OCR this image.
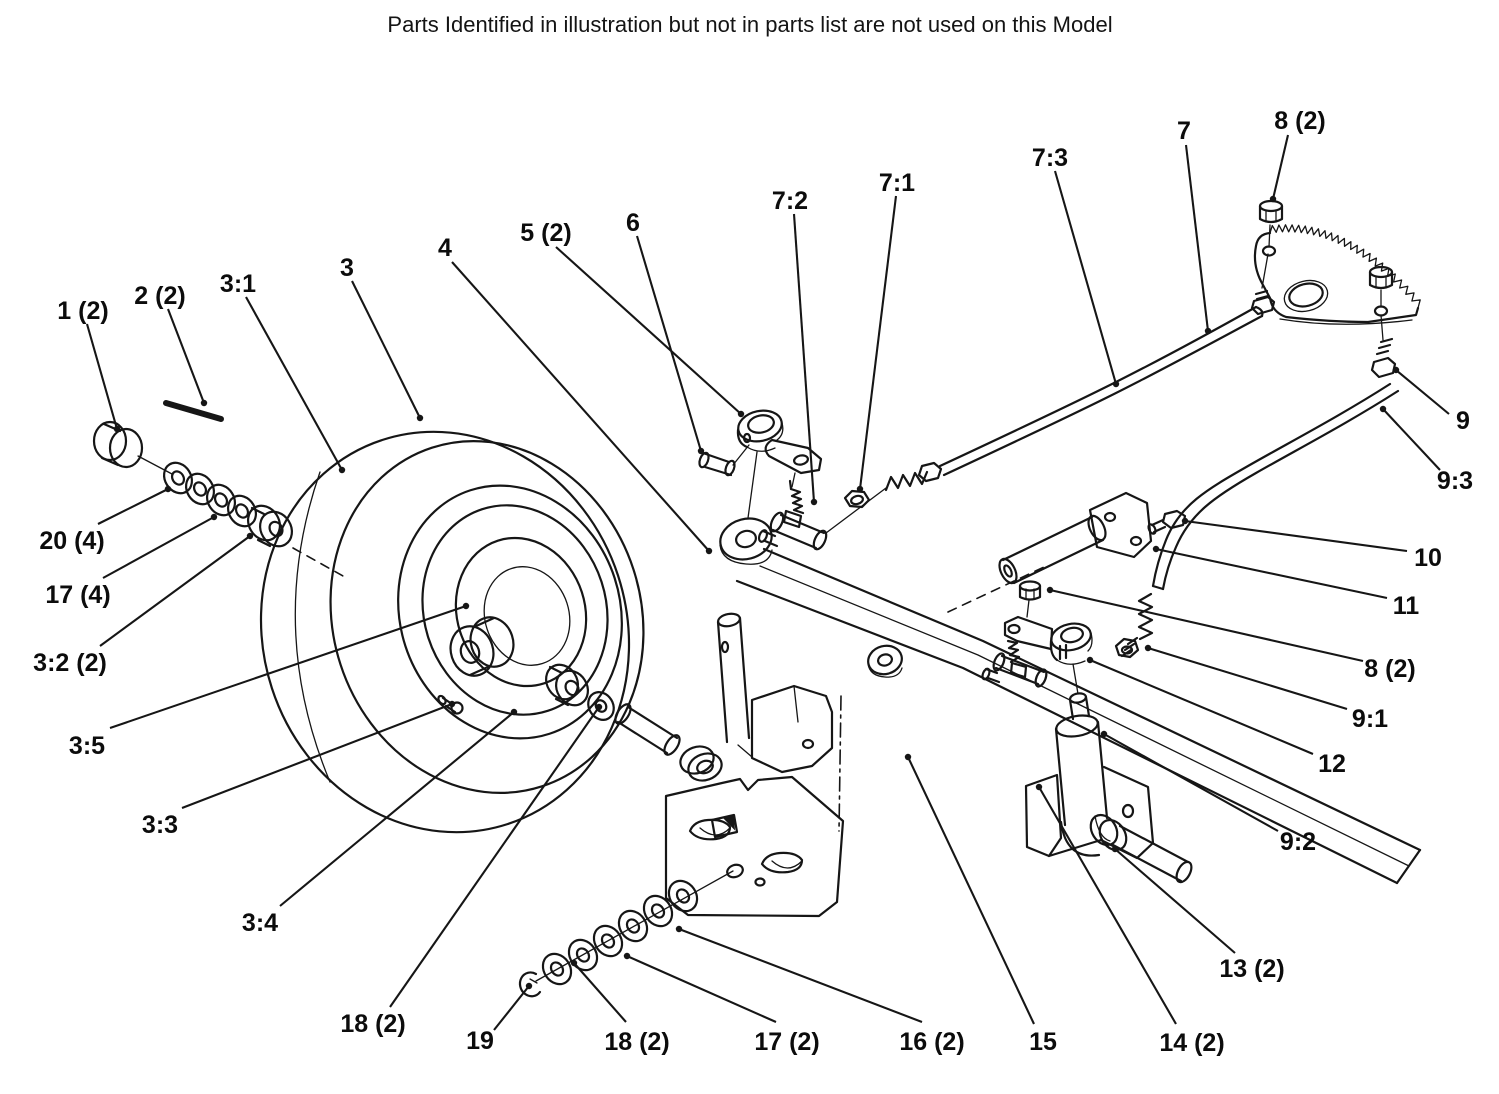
Parts Identified in illustration but not in parts list are not used on this Model
1 (2)
2 (2) 3:1
3
4
5 (2) 6
7:2
7:1
7:3
7	8 (2)
9
9:3
10
11
8 (2)
9:1
12
9:2
13 (2)
14 (2)
15
16 (2)
17 (2)
18 (2)
19
18 (2)
3:4
3:3
3:5
3:2 (2)
17 (4)
20 (4)
